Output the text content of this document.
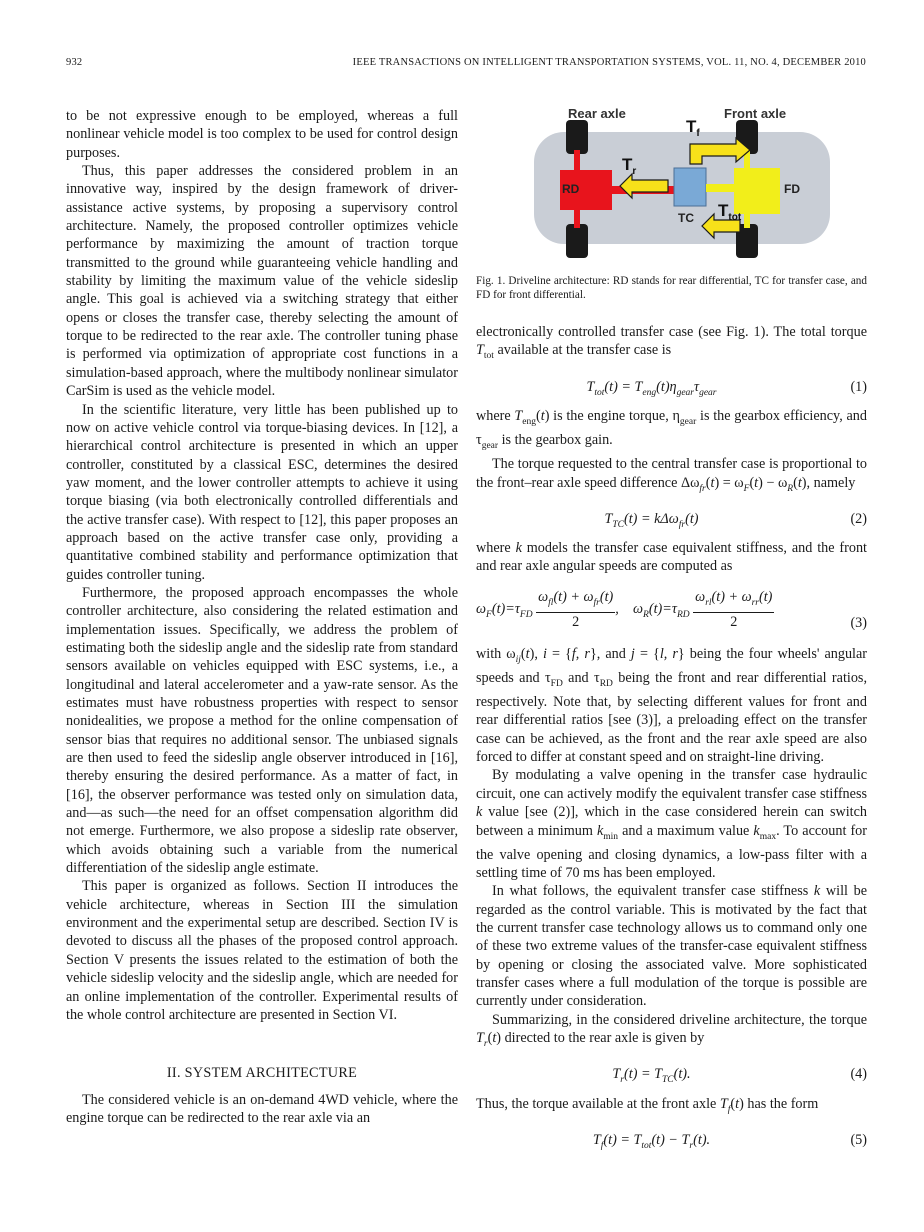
932	IEEE TRANSACTIONS ON INTELLIGENT TRANSPORTATION SYSTEMS, VOL. 11, NO. 4, DECEMBER 2010
Rear axle	Front axle
RD	FD
TC
$T_f$
$T_r$
$T_{tot}$
Fig. 1. Driveline architecture: RD stands for rear differential, TC for transfer case, and FD for front differential.

to be not expressive enough to be employed, whereas a full nonlinear vehicle model is too complex to be used for control design purposes.

Thus, this paper addresses the considered problem in an innovative way, inspired by the design framework of driver-assistance active systems, by proposing a supervisory control architecture. Namely, the proposed controller optimizes vehicle performance by maximizing the amount of traction torque transmitted to the ground while guaranteeing vehicle handling and stability by limiting the maximum value of the vehicle sideslip angle. This goal is achieved via a switching strategy that either opens or closes the transfer case, thereby selecting the amount of torque to be redirected to the rear axle. The controller tuning phase is performed via optimization of appropriate cost functions in a simulation-based approach, where the multibody nonlinear simulator CarSim is used as the vehicle model.

In the scientific literature, very little has been published up to now on active vehicle control via torque-biasing devices. In [12], a hierarchical control architecture is presented in which an upper controller, constituted by a classical ESC, determines the desired yaw moment, and the lower controller attempts to achieve it using torque biasing (via both electronically controlled differentials and the active transfer case). With respect to [12], this paper proposes an approach based on the active transfer case only, providing a quantitative combined stability and performance optimization that guides controller tuning.

Furthermore, the proposed approach encompasses the whole controller architecture, also considering the related estimation and implementation issues. Specifically, we address the problem of estimating both the sideslip angle and the sideslip rate from standard sensors available on vehicles equipped with ESC systems, i.e., a longitudinal and lateral accelerometer and a yaw-rate sensor. As the estimates must have robustness properties with respect to sensor nonidealities, we propose a method for the online compensation of sensor bias that requires no additional sensor. The unbiased signals are then used to feed the sideslip angle observer introduced in [16], thereby ensuring the desired performance. As a matter of fact, in [16], the observer performance was tested only on simulation data, and—as such—the need for an offset compensation algorithm did not emerge. Furthermore, we also propose a sideslip rate observer, which avoids obtaining such a variable from the numerical differentiation of the sideslip angle estimate.

This paper is organized as follows. Section II introduces the vehicle architecture, whereas in Section III the simulation environment and the experimental setup are described. Section IV is devoted to discuss all the phases of the proposed control approach. Section V presents the issues related to the estimation of both the vehicle sideslip velocity and the sideslip angle, which are needed for an online implementation of the controller. Experimental results of the whole control architecture are presented in Section VI.

II. SYSTEM ARCHITECTURE

The considered vehicle is an on-demand 4WD vehicle, where the engine torque can be redirected to the rear axle via an

electronically controlled transfer case (see Fig. 1). The total torque $T_{tot}$ available at the transfer case is

$T_{tot}(t) = T_{eng}(t)\eta_{gear}\tau_{gear}$	(1)

where $T_{eng}(t)$ is the engine torque, $\eta_{gear}$ is the gearbox efficiency, and $\tau_{gear}$ is the gearbox gain.

The torque requested to the central transfer case is proportional to the front–rear axle speed difference $\Delta\omega_{fr}(t) = \omega_F(t) - \omega_R(t)$, namely

$T_{TC}(t) = k\Delta\omega_{fr}(t)$	(2)

where k models the transfer case equivalent stiffness, and the front and rear axle angular speeds are computed as

$\omega_F(t)=\tau_{FD} \frac{\omega_{fl}(t) + \omega_{fr}(t)}{2}$ ,    $\omega_R(t)=\tau_{RD} \frac{\omega_{rl}(t) + \omega_{rr}(t)}{2}$	(3)

with $\omega_{ij}(t)$, i = {f, r}, and j = {l, r} being the four wheels' angular speeds and $\tau_{FD}$ and $\tau_{RD}$ being the front and rear differential ratios, respectively. Note that, by selecting different values for front and rear differential ratios [see (3)], a preloading effect on the transfer case can be achieved, as the front and the rear axle speed are also forced to differ at constant speed and on straight-line driving.

By modulating a valve opening in the transfer case hydraulic circuit, one can actively modify the equivalent transfer case stiffness k value [see (2)], which in the case considered herein can switch between a minimum $k_{min}$ and a maximum value $k_{max}$. To account for the valve opening and closing dynamics, a low-pass filter with a settling time of 70 ms has been employed.

In what follows, the equivalent transfer case stiffness k will be regarded as the control variable. This is motivated by the fact that the current transfer case technology allows us to command only one of these two extreme values of the transfer-case equivalent stiffness by opening or closing the associated valve. More sophisticated transfer cases where a full modulation of the torque is possible are currently under consideration.

Summarizing, in the considered driveline architecture, the torque $T_r(t)$ directed to the rear axle is given by

$T_r(t) = T_{TC}(t)$.	(4)

Thus, the torque available at the front axle $T_f(t)$ has the form

$T_f(t) = T_{tot}(t) - T_r(t)$.	(5)
